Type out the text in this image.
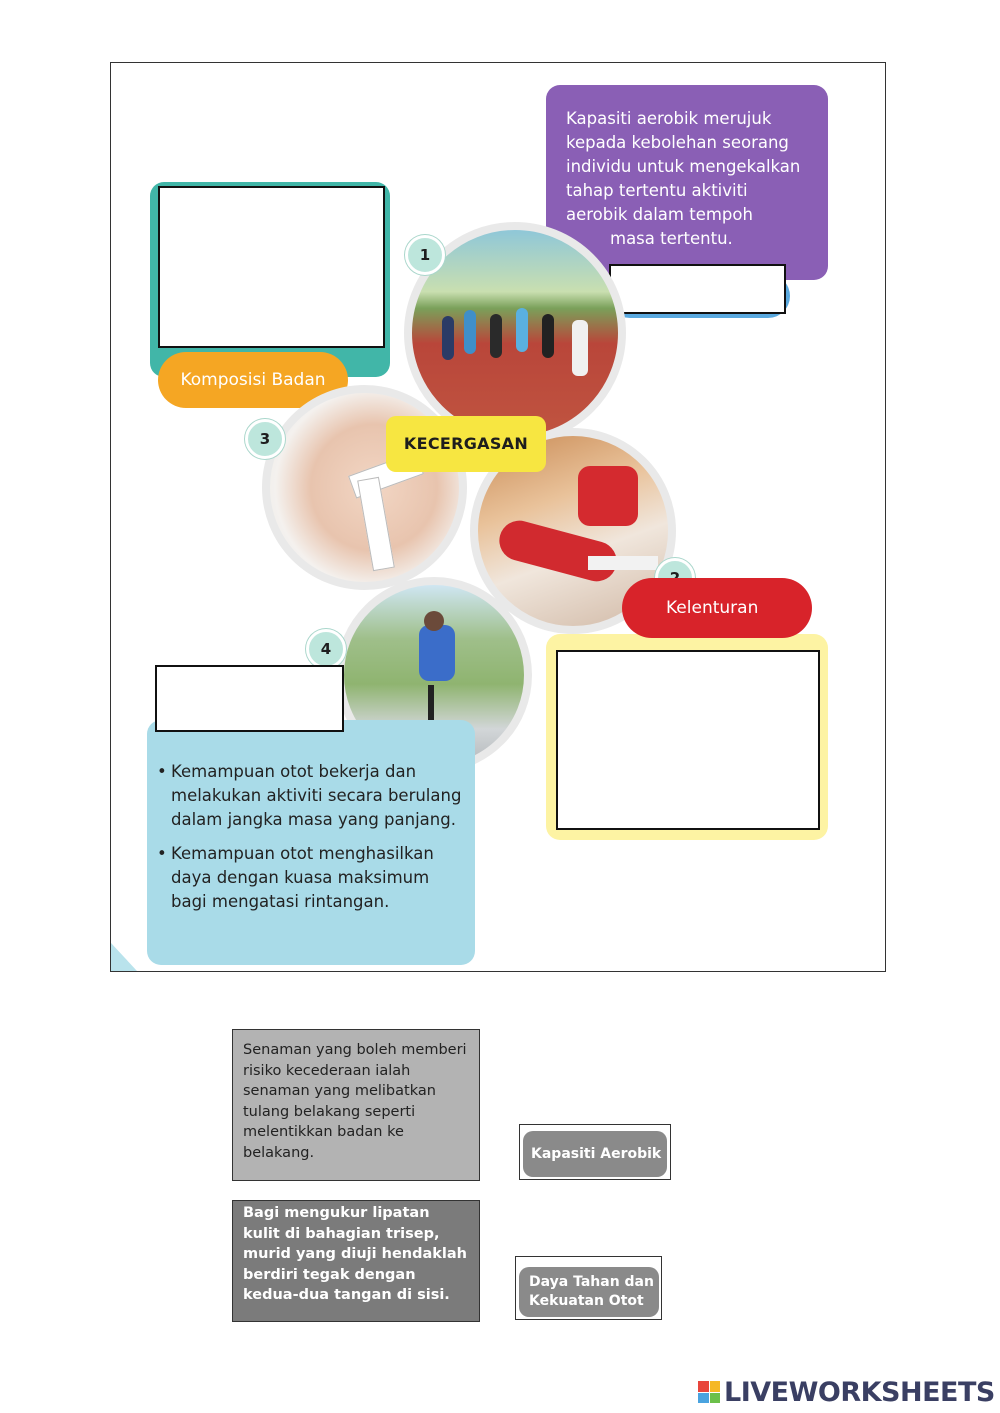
Kapasiti aerobik merujuk
kepada kebolehan seorang
individu untuk mengekalkan
tahap tertentu aktiviti
aerobik dalam tempoh
masa tertentu.
Komposisi Badan
1
3
4
KECERGASAN
Kelenturan
• Kemampuan otot bekerja dan melakukan aktiviti secara berulang dalam jangka masa yang panjang.
• Kemampuan otot menghasilkan daya dengan kuasa maksimum bagi mengatasi rintangan.
Senaman yang boleh memberi risiko kecederaan ialah senaman yang melibatkan tulang belakang seperti melentikkan badan ke belakang.
Bagi mengukur lipatan kulit di bahagian trisep, murid yang diuji hendaklah berdiri tegak dengan kedua-dua tangan di sisi.
Kapasiti Aerobik
Daya Tahan dan Kekuatan Otot
LIVEWORKSHEETS
